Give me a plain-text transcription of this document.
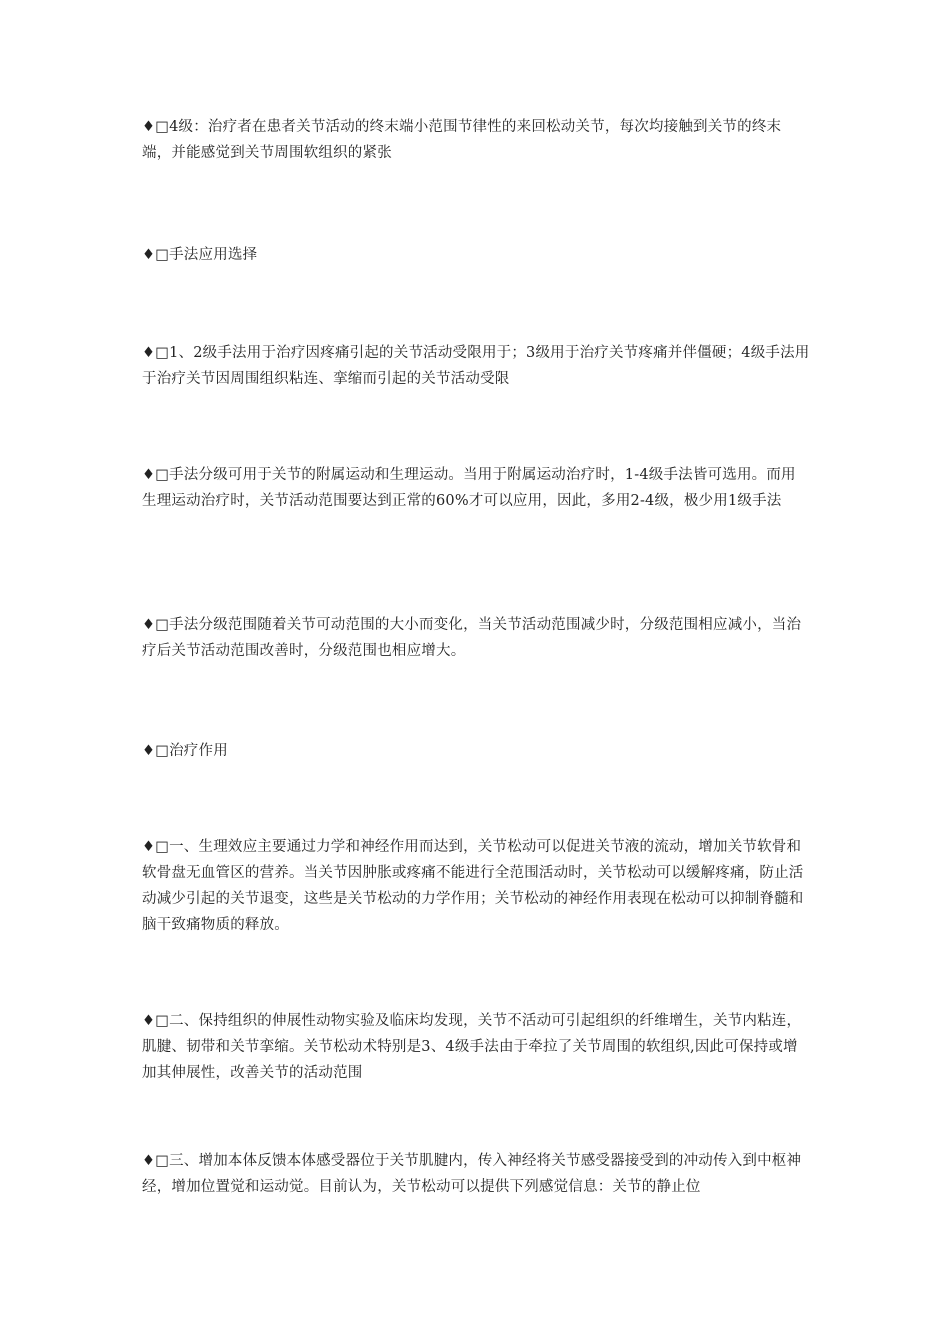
♦□4级：治疗者在患者关节活动的终末端小范围节律性的来回松动关节，每次均接触到关节的终末端，并能感觉到关节周围软组织的紧张

♦□手法应用选择

♦□1、2级手法用于治疗因疼痛引起的关节活动受限用于；3级用于治疗关节疼痛并伴僵硬；4级手法用于治疗关节因周围组织粘连、挛缩而引起的关节活动受限

♦□手法分级可用于关节的附属运动和生理运动。当用于附属运动治疗时，1-4级手法皆可选用。而用生理运动治疗时，关节活动范围要达到正常的60%才可以应用，因此，多用2-4级，极少用1级手法

♦□手法分级范围随着关节可动范围的大小而变化，当关节活动范围减少时，分级范围相应减小，当治疗后关节活动范围改善时，分级范围也相应增大。

♦□治疗作用

♦□一、生理效应主要通过力学和神经作用而达到，关节松动可以促进关节液的流动，增加关节软骨和软骨盘无血管区的营养。当关节因肿胀或疼痛不能进行全范围活动时，关节松动可以缓解疼痛，防止活动减少引起的关节退变，这些是关节松动的力学作用；关节松动的神经作用表现在松动可以抑制脊髓和脑干致痛物质的释放。

♦□二、保持组织的伸展性动物实验及临床均发现，关节不活动可引起组织的纤维增生，关节内粘连，肌腱、韧带和关节挛缩。关节松动术特别是3、4级手法由于牵拉了关节周围的软组织,因此可保持或增加其伸展性，改善关节的活动范围

♦□三、增加本体反馈本体感受器位于关节肌腱内，传入神经将关节感受器接受到的冲动传入到中枢神经，增加位置觉和运动觉。目前认为，关节松动可以提供下列感觉信息：关节的静止位
